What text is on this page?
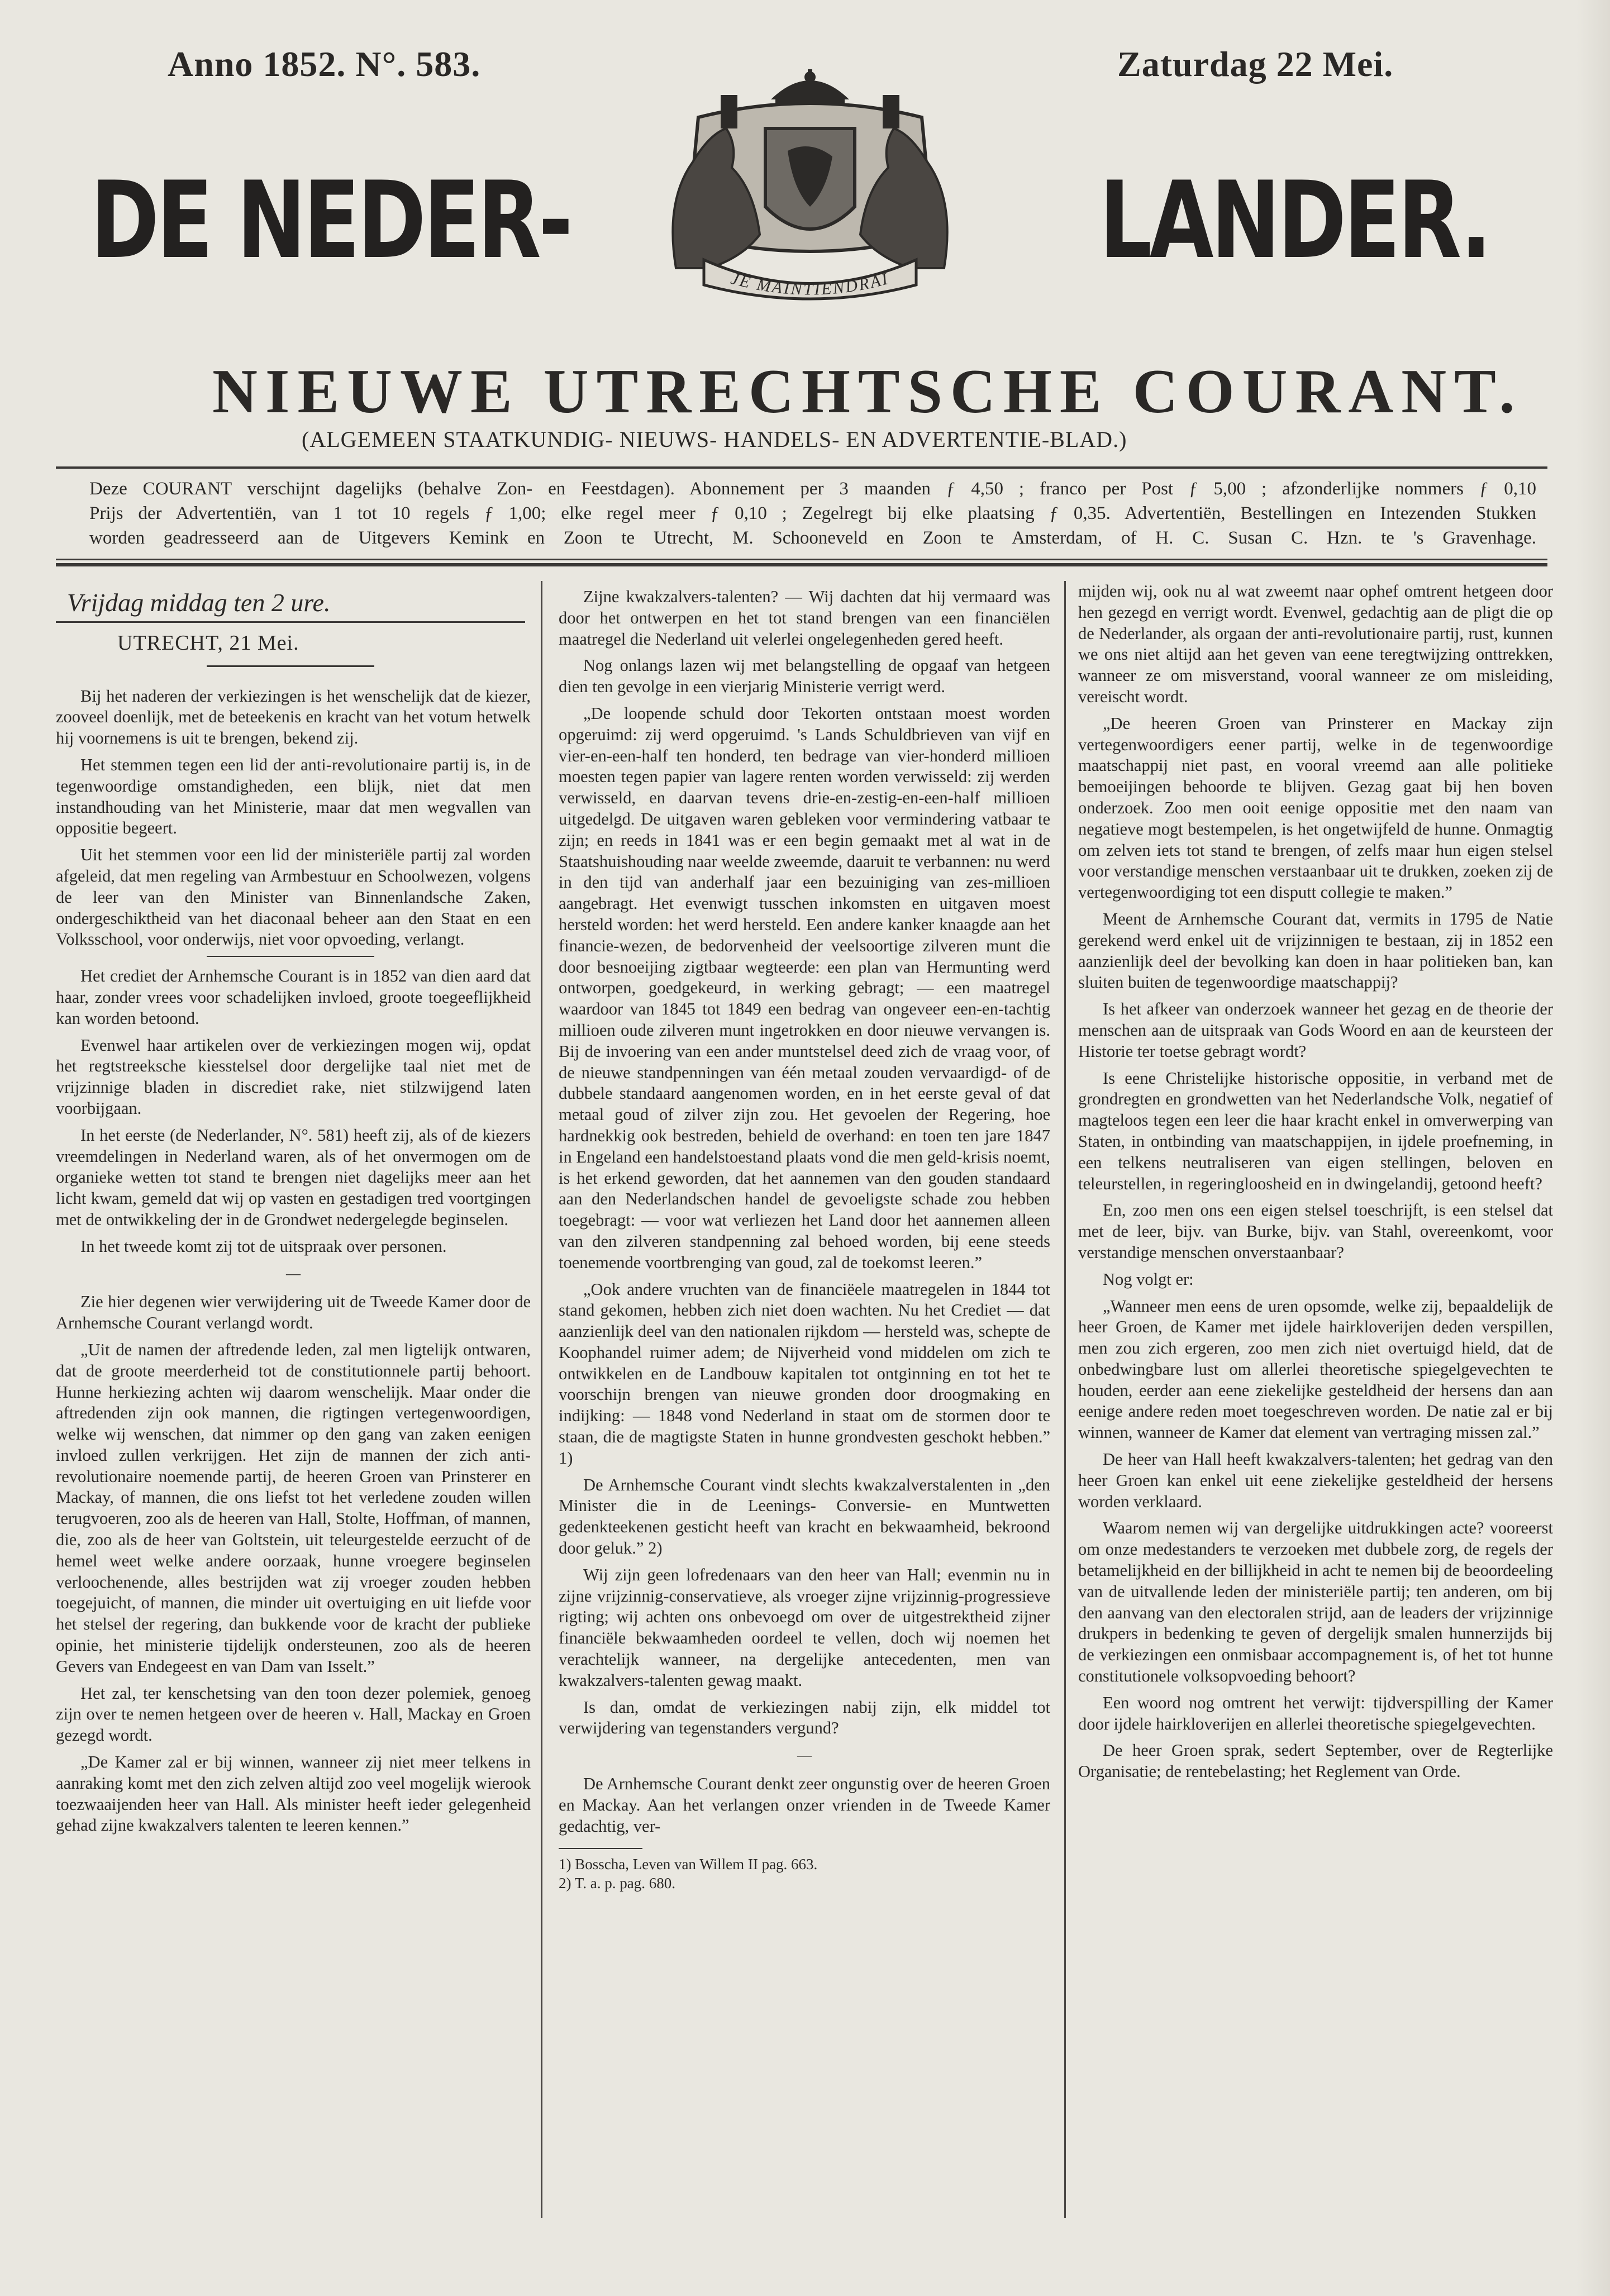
Anno 1852. N°. 583.	Zaturdag 22 Mei.
DE NEDER-	LANDER.
JE MAINTIENDRAI
NIEUWE UTRECHTSCHE COURANT.
(ALGEMEEN STAATKUNDIG- NIEUWS- HANDELS- EN ADVERTENTIE-BLAD.)
Deze COURANT verschijnt dagelijks (behalve Zon- en Feestdagen). Abonnement per 3 maanden ƒ 4,50 ; franco per Post ƒ 5,00 ; afzonderlijke nommers ƒ 0,10
Prijs der Advertentiën, van 1 tot 10 regels ƒ 1,00; elke regel meer ƒ 0,10 ; Zegelregt bij elke plaatsing ƒ 0,35. Advertentiën, Bestellingen en Intezenden Stukken
worden geadresseerd aan de Uitgevers Kemink en Zoon te Utrecht, M. Schooneveld en Zoon te Amsterdam, of H. C. Susan C. Hzn. te 's Gravenhage.
Vrijdag middag ten 2 ure.
UTRECHT, 21 Mei.

Bij het naderen der verkiezingen is het wenschelijk dat de kiezer, zooveel doenlijk, met de beteekenis en kracht van het votum hetwelk hij voornemens is uit te brengen, bekend zij.

Het stemmen tegen een lid der anti-revolutionaire partij is, in de tegenwoordige omstandigheden, een blijk, niet dat men instandhouding van het Ministerie, maar dat men wegvallen van oppositie begeert.

Uit het stemmen voor een lid der ministeriële partij zal worden afgeleid, dat men regeling van Armbestuur en Schoolwezen, volgens de leer van den Minister van Binnenlandsche Zaken, ondergeschiktheid van het diaconaal beheer aan den Staat en een Volksschool, voor onderwijs, niet voor opvoeding, verlangt.

Het crediet der Arnhemsche Courant is in 1852 van dien aard dat haar, zonder vrees voor schadelijken invloed, groote toegeeflijkheid kan worden betoond.

Evenwel haar artikelen over de verkiezingen mogen wij, opdat het regtstreeksche kiesstelsel door dergelijke taal niet met de vrijzinnige bladen in discrediet rake, niet stilzwijgend laten voorbijgaan.

In het eerste (de Nederlander, N°. 581) heeft zij, als of de kiezers vreemdelingen in Nederland waren, als of het onvermogen om de organieke wetten tot stand te brengen niet dagelijks meer aan het licht kwam, gemeld dat wij op vasten en gestadigen tred voortgingen met de ontwikkeling der in de Grondwet nedergelegde beginselen.

In het tweede komt zij tot de uitspraak over personen.

—

Zie hier degenen wier verwijdering uit de Tweede Kamer door de Arnhemsche Courant verlangd wordt.

„Uit de namen der aftredende leden, zal men ligtelijk ontwaren, dat de groote meerderheid tot de constitutionnele partij behoort. Hunne herkiezing achten wij daarom wenschelijk. Maar onder die aftredenden zijn ook mannen, die rigtingen vertegenwoordigen, welke wij wenschen, dat nimmer op den gang van zaken eenigen invloed zullen verkrijgen. Het zijn de mannen der zich anti-revolutionaire noemende partij, de heeren Groen van Prinsterer en Mackay, of mannen, die ons liefst tot het verledene zouden willen terugvoeren, zoo als de heeren van Hall, Stolte, Hoffman, of mannen, die, zoo als de heer van Goltstein, uit teleurgestelde eerzucht of de hemel weet welke andere oorzaak, hunne vroegere beginselen verloochenende, alles bestrijden wat zij vroeger zouden hebben toegejuicht, of mannen, die minder uit overtuiging en uit liefde voor het stelsel der regering, dan bukkende voor de kracht der publieke opinie, het ministerie tijdelijk ondersteunen, zoo als de heeren Gevers van Endegeest en van Dam van Isselt.”

Het zal, ter kenschetsing van den toon dezer polemiek, genoeg zijn over te nemen hetgeen over de heeren v. Hall, Mackay en Groen gezegd wordt.

„De Kamer zal er bij winnen, wanneer zij niet meer telkens in aanraking komt met den zich zelven altijd zoo veel mogelijk wierook toezwaaijenden heer van Hall. Als minister heeft ieder gelegenheid gehad zijne kwakzalvers talenten te leeren kennen.”

Zijne kwakzalvers-talenten? — Wij dachten dat hij vermaard was door het ontwerpen en het tot stand brengen van een financiëlen maatregel die Nederland uit velerlei ongelegenheden gered heeft.

Nog onlangs lazen wij met belangstelling de opgaaf van hetgeen dien ten gevolge in een vierjarig Ministerie verrigt werd.

„De loopende schuld door Tekorten ontstaan moest worden opgeruimd: zij werd opgeruimd. 's Lands Schuldbrieven van vijf en vier-en-een-half ten honderd, ten bedrage van vier-honderd millioen moesten tegen papier van lagere renten worden verwisseld: zij werden verwisseld, en daarvan tevens drie-en-zestig-en-een-half millioen uitgedelgd. De uitgaven waren gebleken voor vermindering vatbaar te zijn; en reeds in 1841 was er een begin gemaakt met al wat in de Staatshuishouding naar weelde zweemde, daaruit te verbannen: nu werd in den tijd van anderhalf jaar een bezuiniging van zes-millioen aangebragt. Het evenwigt tusschen inkomsten en uitgaven moest hersteld worden: het werd hersteld. Een andere kanker knaagde aan het financie-wezen, de bedorvenheid der veelsoortige zilveren munt die door besnoeijing zigtbaar wegteerde: een plan van Hermunting werd ontworpen, goedgekeurd, in werking gebragt; — een maatregel waardoor van 1845 tot 1849 een bedrag van ongeveer een-en-tachtig millioen oude zilveren munt ingetrokken en door nieuwe vervangen is. Bij de invoering van een ander muntstelsel deed zich de vraag voor, of de nieuwe standpenningen van één metaal zouden vervaardigd- of de dubbele standaard aangenomen worden, en in het eerste geval of dat metaal goud of zilver zijn zou. Het gevoelen der Regering, hoe hardnekkig ook bestreden, behield de overhand: en toen ten jare 1847 in Engeland een handelstoestand plaats vond die men geld-krisis noemt, is het erkend geworden, dat het aannemen van den gouden standaard aan den Nederlandschen handel de gevoeligste schade zou hebben toegebragt: — voor wat verliezen het Land door het aannemen alleen van den zilveren standpenning zal behoed worden, bij eene steeds toenemende voortbrenging van goud, zal de toekomst leeren.”

„Ook andere vruchten van de financiëele maatregelen in 1844 tot stand gekomen, hebben zich niet doen wachten. Nu het Crediet — dat aanzienlijk deel van den nationalen rijkdom — hersteld was, schepte de Koophandel ruimer adem; de Nijverheid vond middelen om zich te ontwikkelen en de Landbouw kapitalen tot ontginning en tot het te voorschijn brengen van nieuwe gronden door droogmaking en indijking: — 1848 vond Nederland in staat om de stormen door te staan, die de magtigste Staten in hunne grondvesten geschokt hebben.” 1)

De Arnhemsche Courant vindt slechts kwakzalverstalenten in „den Minister die in de Leenings- Conversie- en Muntwetten gedenkteekenen gesticht heeft van kracht en bekwaamheid, bekroond door geluk.” 2)

Wij zijn geen lofredenaars van den heer van Hall; evenmin nu in zijne vrijzinnig-conservatieve, als vroeger zijne vrijzinnig-progressieve rigting; wij achten ons onbevoegd om over de uitgestrektheid zijner financiële bekwaamheden oordeel te vellen, doch wij noemen het verachtelijk wanneer, na dergelijke antecedenten, men van kwakzalvers-talenten gewag maakt.

Is dan, omdat de verkiezingen nabij zijn, elk middel tot verwijdering van tegenstanders vergund?

—

De Arnhemsche Courant denkt zeer ongunstig over de heeren Groen en Mackay. Aan het verlangen onzer vrienden in de Tweede Kamer gedachtig, ver-

1) Bosscha, Leven van Willem II pag. 663.

2) T. a. p. pag. 680.

mijden wij, ook nu al wat zweemt naar ophef omtrent hetgeen door hen gezegd en verrigt wordt. Evenwel, gedachtig aan de pligt die op de Nederlander, als orgaan der anti-revolutionaire partij, rust, kunnen we ons niet altijd aan het geven van eene teregtwijzing onttrekken, wanneer ze om misverstand, vooral wanneer ze om misleiding, vereischt wordt.

„De heeren Groen van Prinsterer en Mackay zijn vertegenwoordigers eener partij, welke in de tegenwoordige maatschappij niet past, en vooral vreemd aan alle politieke bemoeijingen behoorde te blijven. Gezag gaat bij hen boven onderzoek. Zoo men ooit eenige oppositie met den naam van negatieve mogt bestempelen, is het ongetwijfeld de hunne. Onmagtig om zelven iets tot stand te brengen, of zelfs maar hun eigen stelsel voor verstandige menschen verstaanbaar uit te drukken, zoeken zij de vertegenwoordiging tot een disputt collegie te maken.”

Meent de Arnhemsche Courant dat, vermits in 1795 de Natie gerekend werd enkel uit de vrijzinnigen te bestaan, zij in 1852 een aanzienlijk deel der bevolking kan doen in haar politieken ban, kan sluiten buiten de tegenwoordige maatschappij?

Is het afkeer van onderzoek wanneer het gezag en de theorie der menschen aan de uitspraak van Gods Woord en aan de keursteen der Historie ter toetse gebragt wordt?

Is eene Christelijke historische oppositie, in verband met de grondregten en grondwetten van het Nederlandsche Volk, negatief of magteloos tegen een leer die haar kracht enkel in omverwerping van Staten, in ontbinding van maatschappijen, in ijdele proefneming, in een telkens neutraliseren van eigen stellingen, beloven en teleurstellen, in regeringloosheid en in dwingelandij, getoond heeft?

En, zoo men ons een eigen stelsel toeschrijft, is een stelsel dat met de leer, bijv. van Burke, bijv. van Stahl, overeenkomt, voor verstandige menschen onverstaanbaar?

Nog volgt er:

„Wanneer men eens de uren opsomde, welke zij, bepaaldelijk de heer Groen, de Kamer met ijdele hairkloverijen deden verspillen, men zou zich ergeren, zoo men zich niet overtuigd hield, dat de onbedwingbare lust om allerlei theoretische spiegelgevechten te houden, eerder aan eene ziekelijke gesteldheid der hersens dan aan eenige andere reden moet toegeschreven worden. De natie zal er bij winnen, wanneer de Kamer dat element van vertraging missen zal.”

De heer van Hall heeft kwakzalvers-talenten; het gedrag van den heer Groen kan enkel uit eene ziekelijke gesteldheid der hersens worden verklaard.

Waarom nemen wij van dergelijke uitdrukkingen acte? vooreerst om onze medestanders te verzoeken met dubbele zorg, de regels der betamelijkheid en der billijkheid in acht te nemen bij de beoordeeling van de uitvallende leden der ministeriële partij; ten anderen, om bij den aanvang van den electoralen strijd, aan de leaders der vrijzinnige drukpers in bedenking te geven of dergelijk smalen hunnerzijds bij de verkiezingen een onmisbaar accompagnement is, of het tot hunne constitutionele volksopvoeding behoort?

Een woord nog omtrent het verwijt: tijdverspilling der Kamer door ijdele hairkloverijen en allerlei theoretische spiegelgevechten.

De heer Groen sprak, sedert September, over de Regterlijke Organisatie; de rentebelasting; het Reglement van Orde.
